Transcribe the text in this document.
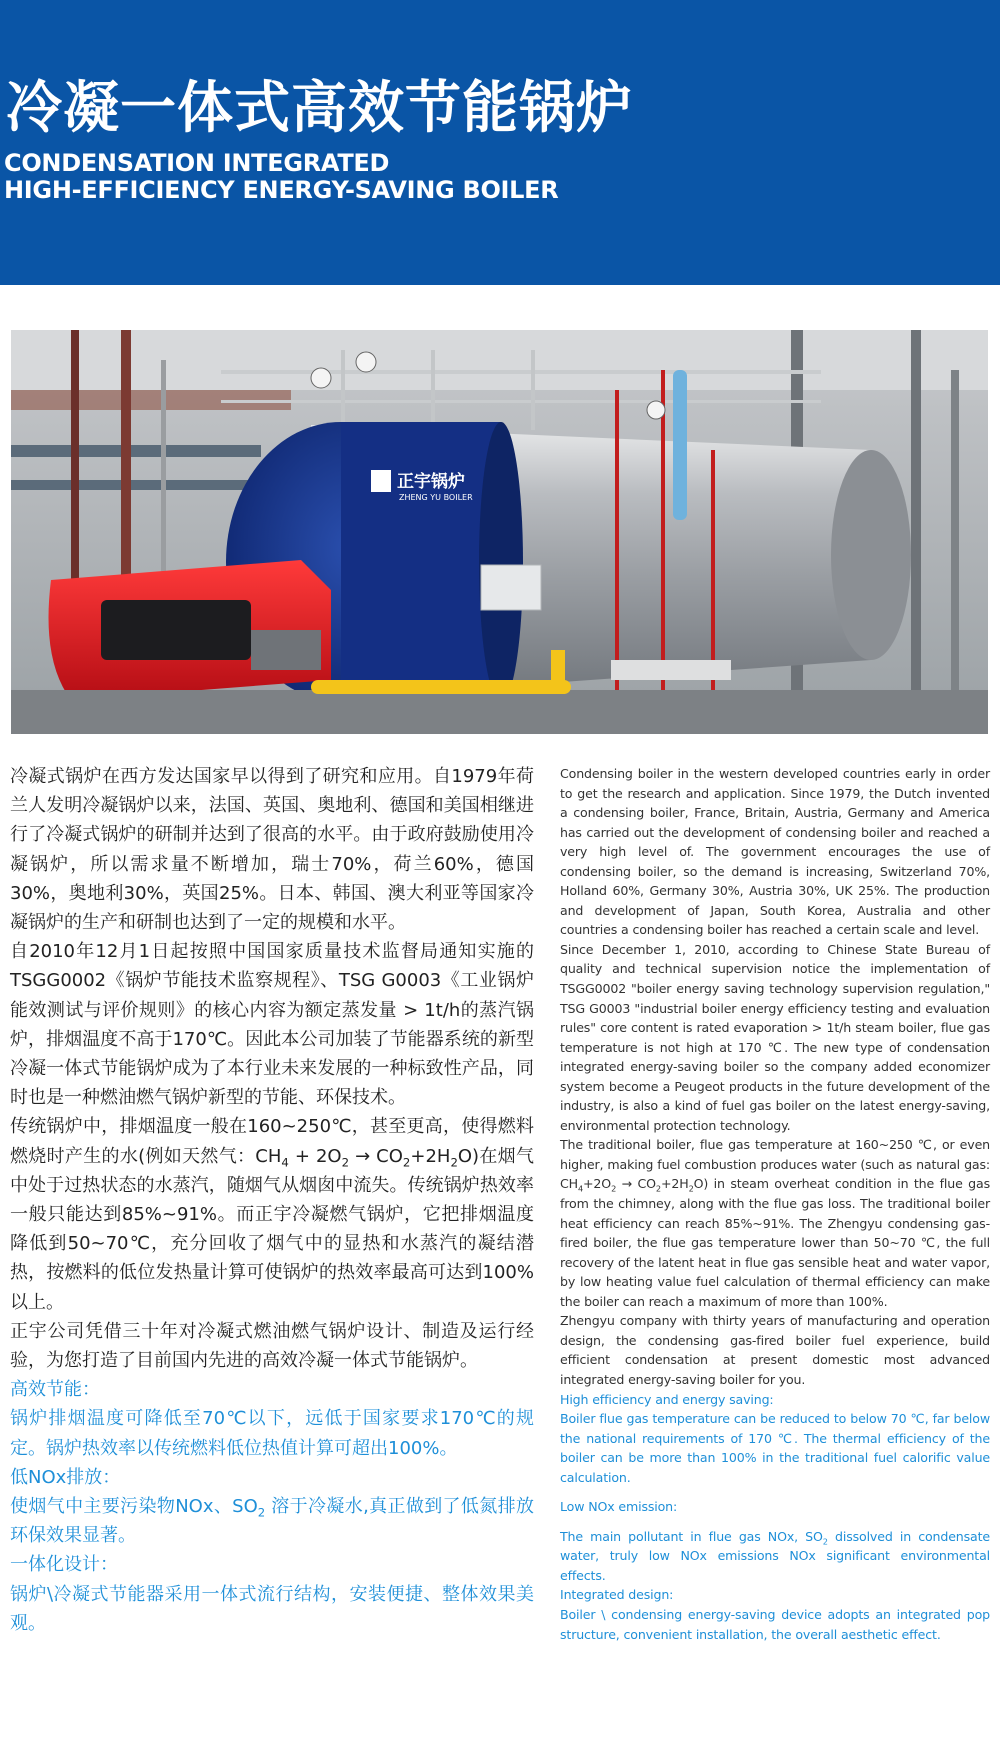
冷凝一体式高效节能锅炉
CONDENSATION INTEGRATED
HIGH-EFFICIENCY ENERGY-SAVING BOILER
正宇锅炉
ZHENG YU BOILER

冷凝式锅炉在西方发达国家早以得到了研究和应用。自1979年荷兰人发明冷凝锅炉以来，法国、英国、奥地利、德国和美国相继进行了冷凝式锅炉的研制并达到了很高的水平。由于政府鼓励使用冷凝锅炉，所以需求量不断增加，瑞士70%，荷兰60%，德国30%，奥地利30%，英国25%。日本、韩国、澳大利亚等国家冷凝锅炉的生产和研制也达到了一定的规模和水平。

自2010年12月1日起按照中国国家质量技术监督局通知实施的TSGG0002《锅炉节能技术监察规程》、TSG G0003《工业锅炉能效测试与评价规则》的核心内容为额定蒸发量 > 1t/h的蒸汽锅炉，排烟温度不高于170℃。因此本公司加装了节能器系统的新型冷凝一体式节能锅炉成为了本行业未来发展的一种标致性产品，同时也是一种燃油燃气锅炉新型的节能、环保技术。

传统锅炉中，排烟温度一般在160~250℃，甚至更高，使得燃料燃烧时产生的水(例如天然气：$CH_4 + 2O_2 \to CO_2+2H_2O$)在烟气中处于过热状态的水蒸汽，随烟气从烟囱中流失。传统锅炉热效率一般只能达到85%~91%。而正宇冷凝燃气锅炉，它把排烟温度降低到50~70℃，充分回收了烟气中的显热和水蒸汽的凝结潜热，按燃料的低位发热量计算可使锅炉的热效率最高可达到100%以上。

正宇公司凭借三十年对冷凝式燃油燃气锅炉设计、制造及运行经验，为您打造了目前国内先进的高效冷凝一体式节能锅炉。

高效节能：

锅炉排烟温度可降低至70℃以下，远低于国家要求170℃的规定。锅炉热效率以传统燃料低位热值计算可超出100%。

低NOx排放：

使烟气中主要污染物NOx、$SO_2$ 溶于冷凝水,真正做到了低氮排放环保效果显著。

一体化设计：

锅炉\冷凝式节能器采用一体式流行结构，安装便捷、整体效果美观。

Condensing boiler in the western developed countries early in order to get the research and application. Since 1979, the Dutch invented a condensing boiler, France, Britain, Austria, Germany and America has carried out the development of condensing boiler and reached a very high level of. The government encourages the use of condensing boiler, so the demand is increasing, Switzerland 70%, Holland 60%, Germany 30%, Austria 30%, UK 25%. The production and development of Japan, South Korea, Australia and other countries a condensing boiler has reached a certain scale and level.

Since December 1, 2010, according to Chinese State Bureau of quality and technical supervision notice the implementation of TSGG0002 "boiler energy saving technology supervision regulation," TSG G0003 "industrial boiler energy efficiency testing and evaluation rules" core content is rated evaporation > 1t/h steam boiler, flue gas temperature is not high at 170 ℃. The new type of condensation integrated energy-saving boiler so the company added economizer system become a Peugeot products in the future development of the industry, is also a kind of fuel gas boiler on the latest energy-saving, environmental protection technology.

The traditional boiler, flue gas temperature at 160~250 ℃, or even higher, making fuel combustion produces water (such as natural gas: $CH_4+2O_2 \to CO_2+2H_2O$) in steam overheat condition in the flue gas from the chimney, along with the flue gas loss. The traditional boiler heat efficiency can reach 85%~91%. The Zhengyu condensing gas-fired boiler, the flue gas temperature lower than 50~70 ℃, the full recovery of the latent heat in flue gas sensible heat and water vapor, by low heating value fuel calculation of thermal efficiency can make the boiler can reach a maximum of more than 100%.

Zhengyu company with thirty years of manufacturing and operation design, the condensing gas-fired boiler fuel experience, build efficient condensation at present domestic most advanced integrated energy-saving boiler for you.

High efficiency and energy saving:

Boiler flue gas temperature can be reduced to below 70 ℃, far below the national requirements of 170 ℃. The thermal efficiency of the boiler can be more than 100% in the traditional fuel calorific value calculation.

Low NOx emission:

The main pollutant in flue gas NOx, $SO_2$ dissolved in condensate water, truly low NOx emissions NOx significant environmental effects.

Integrated design:

Boiler \ condensing energy-saving device adopts an integrated pop structure, convenient installation, the overall aesthetic effect.
